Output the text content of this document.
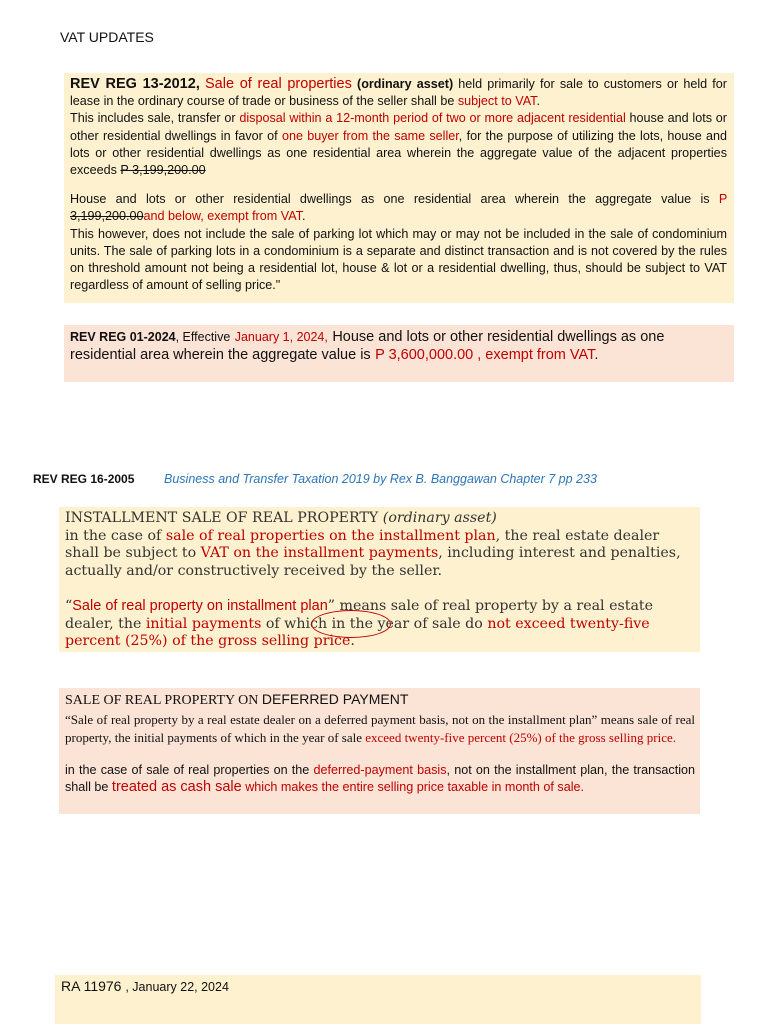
VAT UPDATES
REV REG 13-2012, Sale of real properties (ordinary asset) held primarily for sale to customers or held for lease in the ordinary course of trade or business of the seller shall be subject to VAT.
This includes sale, transfer or disposal within a 12-month period of two or more adjacent residential house and lots or other residential dwellings in favor of one buyer from the same seller, for the purpose of utilizing the lots, house and lots or other residential dwellings as one residential area wherein the aggregate value of the adjacent properties exceeds P 3,199,200.00
House and lots or other residential dwellings as one residential area wherein the aggregate value is P 3,199,200.00and below, exempt from VAT.
This however, does not include the sale of parking lot which may or may not be included in the sale of condominium units. The sale of parking lots in a condominium is a separate and distinct transaction and is not covered by the rules on threshold amount not being a residential lot, house & lot or a residential dwelling, thus, should be subject to VAT regardless of amount of selling price."
REV REG 01-2024, Effective January 1, 2024, House and lots or other residential dwellings as one residential area wherein the aggregate value is P 3,600,000.00 , exempt from VAT.
REV REG 16-2005 Business and Transfer Taxation 2019 by Rex B. Banggawan Chapter 7 pp 233
INSTALLMENT SALE OF REAL PROPERTY (ordinary asset)
in the case of sale of real properties on the installment plan, the real estate dealer shall be subject to VAT on the installment payments, including interest and penalties, actually and/or constructively received by the seller.
“Sale of real property on installment plan” means sale of real property by a real estate dealer, the initial payments of which in the year of sale do not exceed twenty-five percent (25%) of the gross selling price.
SALE OF REAL PROPERTY ON DEFERRED PAYMENT
“Sale of real property by a real estate dealer on a deferred payment basis, not on the installment plan” means sale of real property, the initial payments of which in the year of sale exceed twenty-five percent (25%) of the gross selling price.
in the case of sale of real properties on the deferred-payment basis, not on the installment plan, the transaction shall be treated as cash sale which makes the entire selling price taxable in month of sale.
RA 11976 , January 22, 2024
